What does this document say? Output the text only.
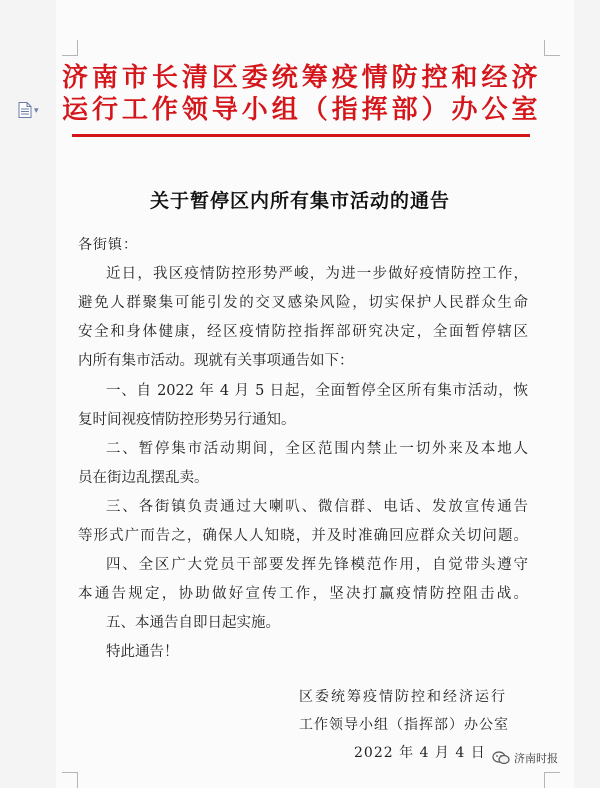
▾
济南市长清区委统筹疫情防控和经济
运行工作领导小组（指挥部）办公室
关于暂停区内所有集市活动的通告
各街镇：
近日，我区疫情防控形势严峻，为进一步做好疫情防控工作，
避免人群聚集可能引发的交叉感染风险，切实保护人民群众生命
安全和身体健康，经区疫情防控指挥部研究决定，全面暂停辖区
内所有集市活动。现就有关事项通告如下：
一、自 2022 年 4 月 5 日起，全面暂停全区所有集市活动，恢
复时间视疫情防控形势另行通知。
二、暂停集市活动期间，全区范围内禁止一切外来及本地人
员在街边乱摆乱卖。
三、各街镇负责通过大喇叭、微信群、电话、发放宣传通告
等形式广而告之，确保人人知晓，并及时准确回应群众关切问题。
四、全区广大党员干部要发挥先锋模范作用，自觉带头遵守
本通告规定，协助做好宣传工作，坚决打赢疫情防控阻击战。
五、本通告自即日起实施。
特此通告！
区委统筹疫情防控和经济运行
工作领导小组（指挥部）办公室
2022 年 4 月 4 日	济南时报
